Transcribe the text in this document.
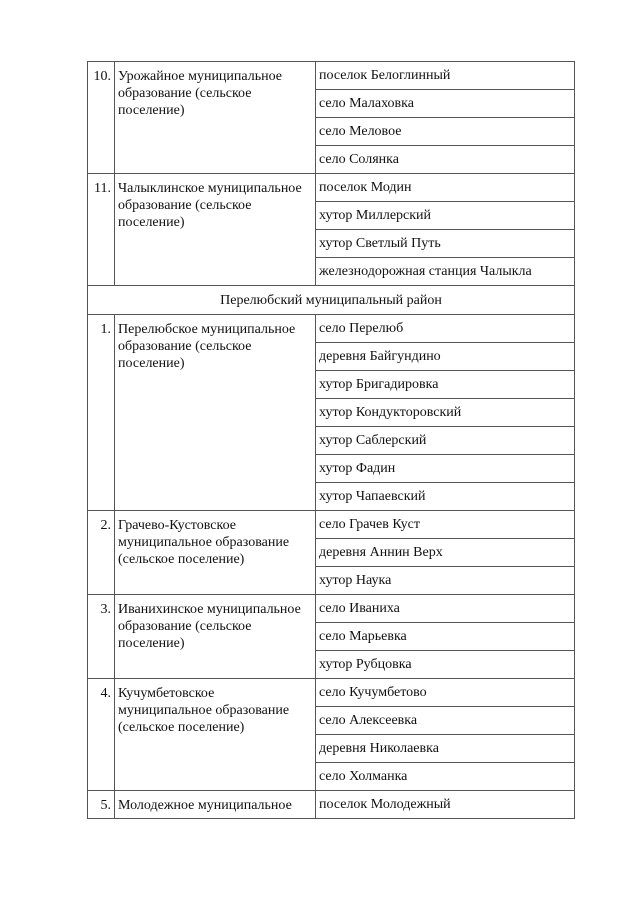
10.	Урожайное муниципальное образование (сельское поселение)	поселок Белоглинный
		село Малаховка
		село Меловое
		село Солянка
11.	Чалыклинское муниципальное образование (сельское поселение)	поселок Модин
		хутор Миллерский
		хутор Светлый Путь
		железнодорожная станция Чалыкла
Перелюбский муниципальный район		
1.	Перелюбское муниципальное образование (сельское поселение)	село Перелюб
		деревня Байгундино
		хутор Бригадировка
		хутор Кондукторовский
		хутор Саблерский
		хутор Фадин
		хутор Чапаевский
2.	Грачево-Кустовское муниципальное образование (сельское поселение)	село Грачев Куст
		деревня Аннин Верх
		хутор Наука
3.	Иванихинское муниципальное образование (сельское поселение)	село Иваниха
		село Марьевка
		хутор Рубцовка
4.	Кучумбетовское муниципальное образование (сельское поселение)	село Кучумбетово
		село Алексеевка
		деревня Николаевка
		село Холманка
5.	Молодежное муниципальное	поселок Молодежный
